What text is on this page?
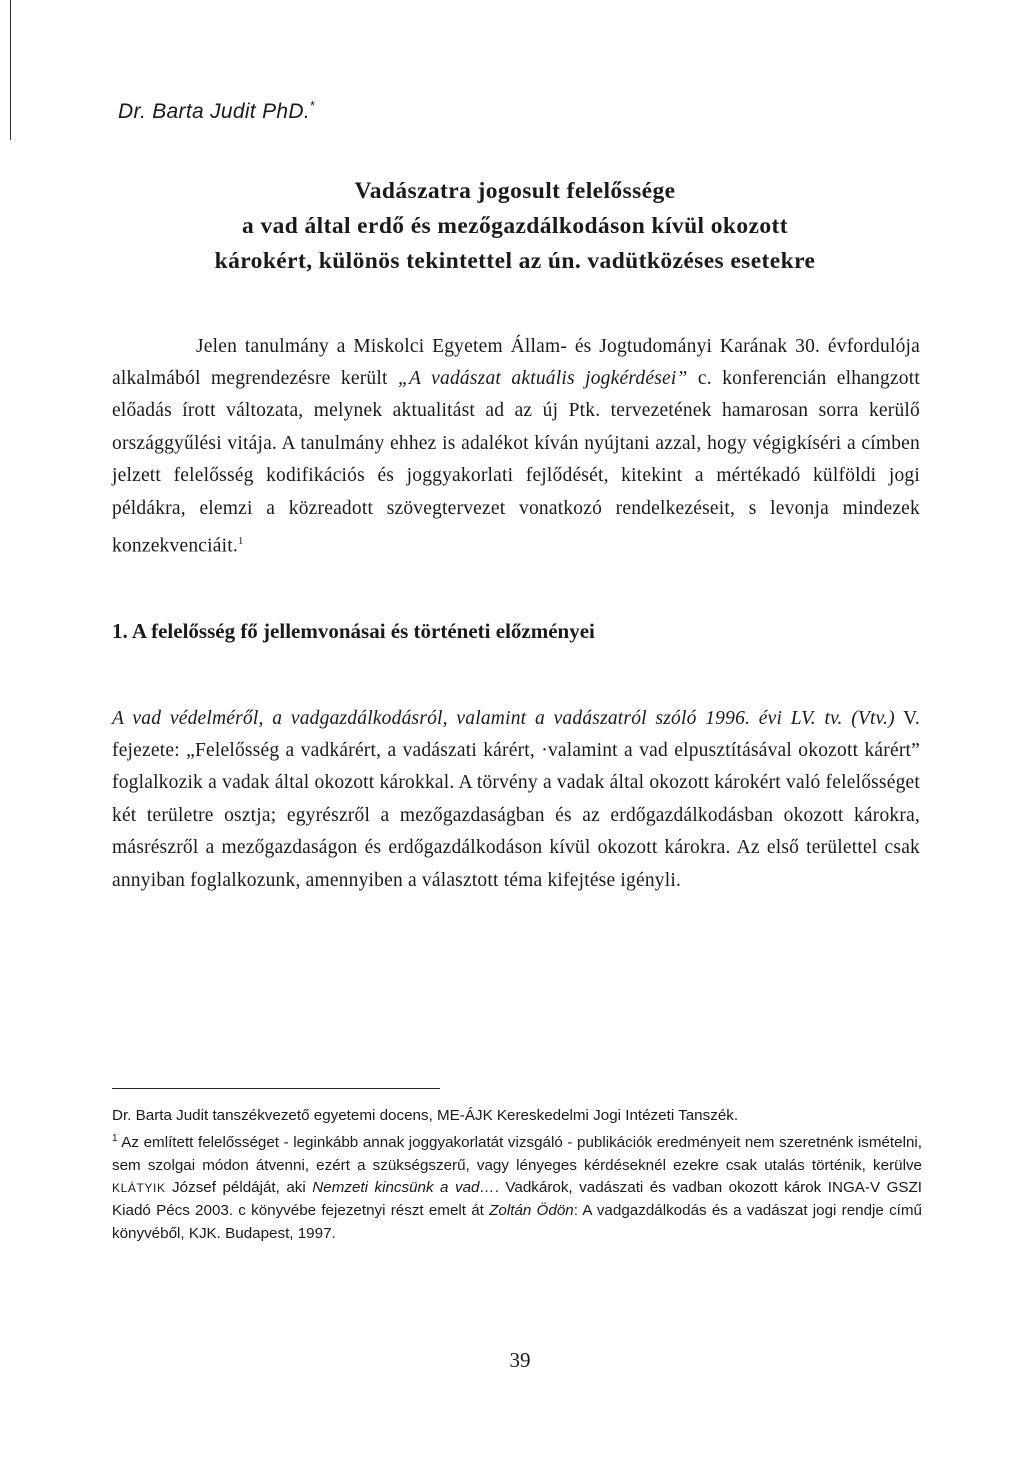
Dr. Barta Judit PhD.*
Vadászatra jogosult felelőssége
a vad által erdő és mezőgazdálkodáson kívül okozott
károkért, különös tekintettel az ún. vadütközéses esetekre

Jelen tanulmány a Miskolci Egyetem Állam- és Jogtudományi Karának 30. évfordulója alkalmából megrendezésre került „A vadászat aktuális jogkérdései” c. konferencián elhangzott előadás írott változata, melynek aktualitást ad az új Ptk. tervezetének hamarosan sorra kerülő országgyűlési vitája. A tanulmány ehhez is adalékot kíván nyújtani azzal, hogy végigkíséri a címben jelzett felelősség kodifikációs és joggyakorlati fejlődését, kitekint a mértékadó külföldi jogi példákra, elemzi a közreadott szövegtervezet vonatkozó rendelkezéseit, s levonja mindezek konzekvenciáit.$^1$

1. A felelősség fő jellemvonásai és történeti előzményei

A vad védelméről, a vadgazdálkodásról, valamint a vadászatról szóló 1996. évi LV. tv. (Vtv.) V. fejezete: „Felelősség a vadkárért, a vadászati kárért, ·valamint a vad elpusztításával okozott kárért” foglalkozik a vadak által okozott károkkal. A törvény a vadak által okozott károkért való felelősséget két területre osztja; egyrészről a mezőgazdaságban és az erdőgazdálkodásban okozott károkra, másrészről a mezőgazdaságon és erdőgazdálkodáson kívül okozott károkra. Az első területtel csak annyiban foglalkozunk, amennyiben a választott téma kifejtése igényli.

Dr. Barta Judit tanszékvezető egyetemi docens, ME-ÁJK Kereskedelmi Jogi Intézeti Tanszék.

$^1$ Az említett felelősséget - leginkább annak joggyakorlatát vizsgáló - publikációk eredményeit nem szeretnénk ismételni, sem szolgai módon átvenni, ezért a szükségszerű, vagy lényeges kérdéseknél ezekre csak utalás történik, kerülve KLÁTYIK József példáját, aki Nemzeti kincsünk a vad…. Vadkárok, vadászati és vadban okozott károk INGA-V GSZI Kiadó Pécs 2003. c könyvébe fejezetnyi részt emelt át Zoltán Ödön: A vadgazdálkodás és a vadászat jogi rendje című könyvéből, KJK. Budapest, 1997.

39
